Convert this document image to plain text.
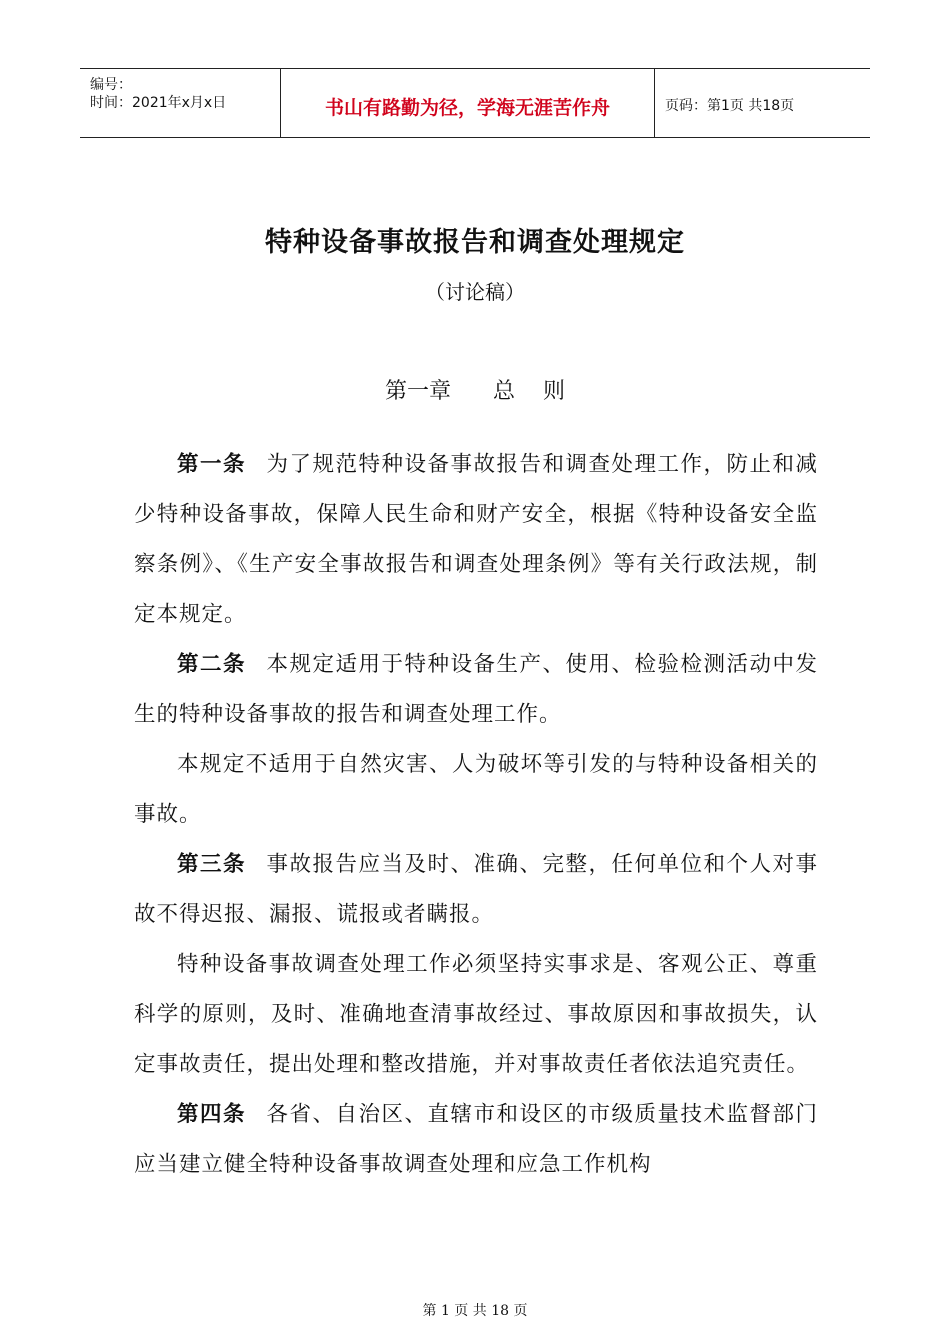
编号：
时间：2021年x月x日	书山有路勤为径，学海无涯苦作舟	页码：第1页 共18页
特种设备事故报告和调查处理规定
（讨论稿）
第一章      总    则

第一条 为了规范特种设备事故报告和调查处理工作，防止和减少特种设备事故，保障人民生命和财产安全，根据《特种设备安全监察条例》、《生产安全事故报告和调查处理条例》等有关行政法规，制定本规定。

第二条 本规定适用于特种设备生产、使用、检验检测活动中发生的特种设备事故的报告和调查处理工作。

本规定不适用于自然灾害、人为破坏等引发的与特种设备相关的事故。

第三条 事故报告应当及时、准确、完整，任何单位和个人对事故不得迟报、漏报、谎报或者瞒报。

特种设备事故调查处理工作必须坚持实事求是、客观公正、尊重科学的原则，及时、准确地查清事故经过、事故原因和事故损失，认定事故责任，提出处理和整改措施，并对事故责任者依法追究责任。

第四条 各省、自治区、直辖市和设区的市级质量技术监督部门应当建立健全特种设备事故调查处理和应急工作机构

第 1 页 共 18 页
